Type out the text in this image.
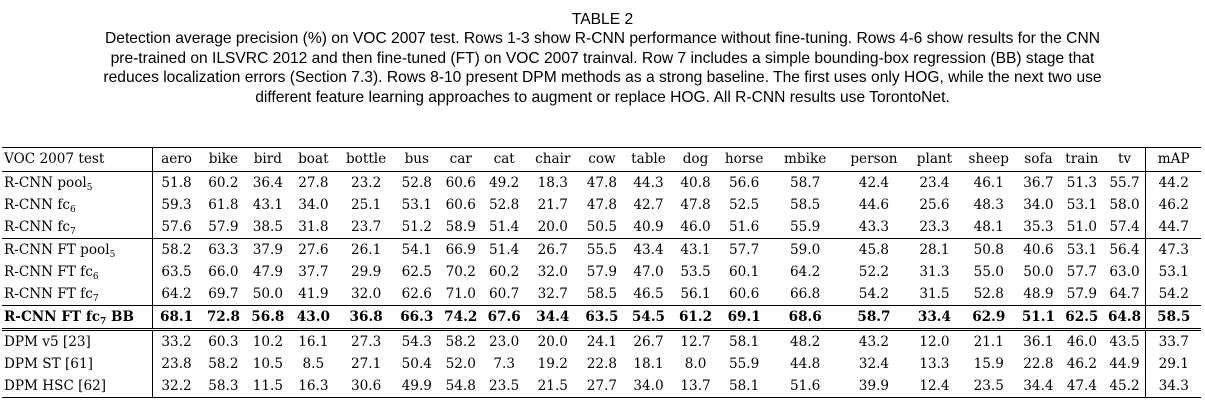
TABLE 2
Detection average precision (%) on VOC 2007 test. Rows 1-3 show R-CNN performance without fine-tuning. Rows 4-6 show results for the CNN
pre-trained on ILSVRC 2012 and then fine-tuned (FT) on VOC 2007 trainval. Row 7 includes a simple bounding-box regression (BB) stage that
reduces localization errors (Section 7.3). Rows 8-10 present DPM methods as a strong baseline. The first uses only HOG, while the next two use
different feature learning approaches to augment or replace HOG. All R-CNN results use TorontoNet.
VOC 2007 test	aero	bike	bird	boat	bottle	bus	car	cat	chair	cow	table	dog	horse	mbike	person	plant	sheep	sofa	train	tv	mAP
R-CNN pool$_5$	51.8	60.2	36.4	27.8	23.2	52.8	60.6	49.2	18.3	47.8	44.3	40.8	56.6	58.7	42.4	23.4	46.1	36.7	51.3	55.7	44.2
R-CNN $fc_6$	59.3	61.8	43.1	34.0	25.1	53.1	60.6	52.8	21.7	47.8	42.7	47.8	52.5	58.5	44.6	25.6	48.3	34.0	53.1	58.0	46.2
R-CNN $fc_7$	57.6	57.9	38.5	31.8	23.7	51.2	58.9	51.4	20.0	50.5	40.9	46.0	51.6	55.9	43.3	23.3	48.1	35.3	51.0	57.4	44.7
R-CNN FT pool$_5$	58.2	63.3	37.9	27.6	26.1	54.1	66.9	51.4	26.7	55.5	43.4	43.1	57.7	59.0	45.8	28.1	50.8	40.6	53.1	56.4	47.3
R-CNN FT $fc_6$	63.5	66.0	47.9	37.7	29.9	62.5	70.2	60.2	32.0	57.9	47.0	53.5	60.1	64.2	52.2	31.3	55.0	50.0	57.7	63.0	53.1
R-CNN FT $fc_7$	64.2	69.7	50.0	41.9	32.0	62.6	71.0	60.7	32.7	58.5	46.5	56.1	60.6	66.8	54.2	31.5	52.8	48.9	57.9	64.7	54.2
R-CNN FT $fc_7$ BB	68.1	72.8	56.8	43.0	36.8	66.3	74.2	67.6	34.4	63.5	54.5	61.2	69.1	68.6	58.7	33.4	62.9	51.1	62.5	64.8	58.5
DPM v5 [23]	33.2	60.3	10.2	16.1	27.3	54.3	58.2	23.0	20.0	24.1	26.7	12.7	58.1	48.2	43.2	12.0	21.1	36.1	46.0	43.5	33.7
DPM ST [61]	23.8	58.2	10.5	8.5	27.1	50.4	52.0	7.3	19.2	22.8	18.1	8.0	55.9	44.8	32.4	13.3	15.9	22.8	46.2	44.9	29.1
DPM HSC [62]	32.2	58.3	11.5	16.3	30.6	49.9	54.8	23.5	21.5	27.7	34.0	13.7	58.1	51.6	39.9	12.4	23.5	34.4	47.4	45.2	34.3
